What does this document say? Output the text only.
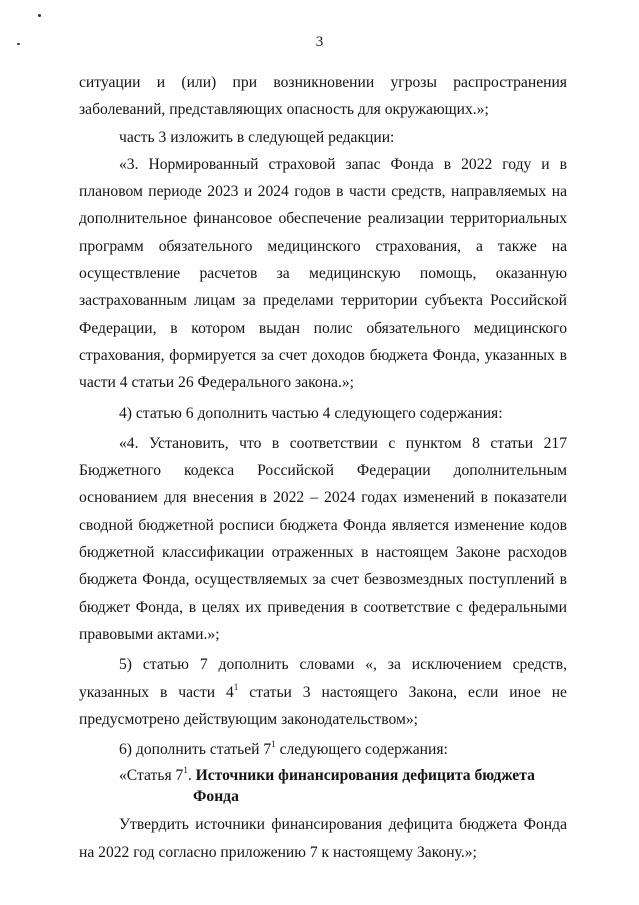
3

ситуации и (или) при возникновении угрозы распространения заболеваний, представляющих опасность для окружающих.»;

часть 3 изложить в следующей редакции:

«3. Нормированный страховой запас Фонда в 2022 году и в плановом периоде 2023 и 2024 годов в части средств, направляемых на дополнительное финансовое обеспечение реализации территориальных программ обязательного медицинского страхования, а также на осуществление расчетов за медицинскую помощь, оказанную застрахованным лицам за пределами территории субъекта Российской Федерации, в котором выдан полис обязательного медицинского страхования, формируется за счет доходов бюджета Фонда, указанных в части 4 статьи 26 Федерального закона.»;

4) статью 6 дополнить частью 4 следующего содержания:

«4. Установить, что в соответствии с пунктом 8 статьи 217 Бюджетного кодекса Российской Федерации дополнительным основанием для внесения в 2022 – 2024 годах изменений в показатели сводной бюджетной росписи бюджета Фонда является изменение кодов бюджетной классификации отраженных в настоящем Законе расходов бюджета Фонда, осуществляемых за счет безвозмездных поступлений в бюджет Фонда, в целях их приведения в соответствие с федеральными правовыми актами.»;

5) статью 7 дополнить словами «, за исключением средств, указанных в части $4^1$ статьи 3 настоящего Закона, если иное не предусмотрено действующим законодательством»;

6) дополнить статьей $7^1$ следующего содержания:

«Статья $7^1$. Источники финансирования дефицита бюджета
Фонда

Утвердить источники финансирования дефицита бюджета Фонда на 2022 год согласно приложению 7 к настоящему Закону.»;
